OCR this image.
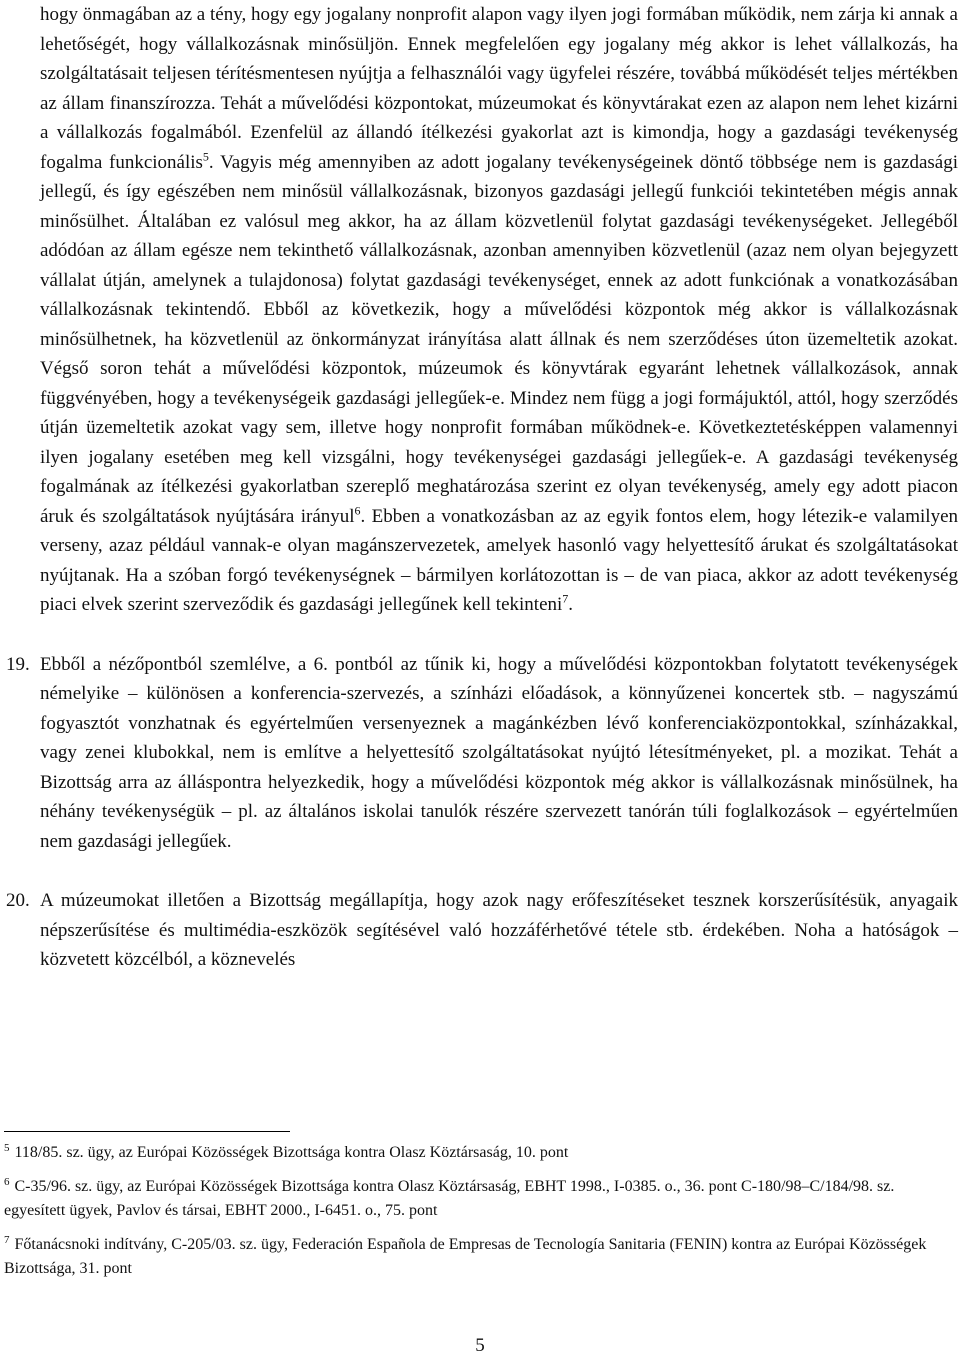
hogy önmagában az a tény, hogy egy jogalany nonprofit alapon vagy ilyen jogi formában működik, nem zárja ki annak a lehetőségét, hogy vállalkozásnak minősüljön. Ennek megfelelően egy jogalany még akkor is lehet vállalkozás, ha szolgáltatásait teljesen térítésmentesen nyújtja a felhasználói vagy ügyfelei részére, továbbá működését teljes mértékben az állam finanszírozza. Tehát a művelődési központokat, múzeumokat és könyvtárakat ezen az alapon nem lehet kizárni a vállalkozás fogalmából. Ezenfelül az állandó ítélkezési gyakorlat azt is kimondja, hogy a gazdasági tevékenység fogalma funkcionális$^5$. Vagyis még amennyiben az adott jogalany tevékenységeinek döntő többsége nem is gazdasági jellegű, és így egészében nem minősül vállalkozásnak, bizonyos gazdasági jellegű funkciói tekintetében mégis annak minősülhet. Általában ez valósul meg akkor, ha az állam közvetlenül folytat gazdasági tevékenységeket. Jellegéből adódóan az állam egésze nem tekinthető vállalkozásnak, azonban amennyiben közvetlenül (azaz nem olyan bejegyzett vállalat útján, amelynek a tulajdonosa) folytat gazdasági tevékenységet, ennek az adott funkciónak a vonatkozásában vállalkozásnak tekintendő. Ebből az következik, hogy a művelődési központok még akkor is vállalkozásnak minősülhetnek, ha közvetlenül az önkormányzat irányítása alatt állnak és nem szerződéses úton üzemeltetik azokat. Végső soron tehát a művelődési központok, múzeumok és könyvtárak egyaránt lehetnek vállalkozások, annak függvényében, hogy a tevékenységeik gazdasági jellegűek-e. Mindez nem függ a jogi formájuktól, attól, hogy szerződés útján üzemeltetik azokat vagy sem, illetve hogy nonprofit formában működnek-e. Következtetésképpen valamennyi ilyen jogalany esetében meg kell vizsgálni, hogy tevékenységei gazdasági jellegűek-e. A gazdasági tevékenység fogalmának az ítélkezési gyakorlatban szereplő meghatározása szerint ez olyan tevékenység, amely egy adott piacon áruk és szolgáltatások nyújtására irányul$^6$. Ebben a vonatkozásban az az egyik fontos elem, hogy létezik-e valamilyen verseny, azaz például vannak-e olyan magánszervezetek, amelyek hasonló vagy helyettesítő árukat és szolgáltatásokat nyújtanak. Ha a szóban forgó tevékenységnek – bármilyen korlátozottan is – de van piaca, akkor az adott tevékenység piaci elvek szerint szerveződik és gazdasági jellegűnek kell tekinteni$^7$.

19. Ebből a nézőpontból szemlélve, a 6. pontból az tűnik ki, hogy a művelődési központokban folytatott tevékenységek némelyike – különösen a konferencia-szervezés, a színházi előadások, a könnyűzenei koncertek stb. – nagyszámú fogyasztót vonzhatnak és egyértelműen versenyeznek a magánkézben lévő konferenciaközpontokkal, színházakkal, vagy zenei klubokkal, nem is említve a helyettesítő szolgáltatásokat nyújtó létesítményeket, pl. a mozikat. Tehát a Bizottság arra az álláspontra helyezkedik, hogy a művelődési központok még akkor is vállalkozásnak minősülnek, ha néhány tevékenységük – pl. az általános iskolai tanulók részére szervezett tanórán túli foglalkozások – egyértelműen nem gazdasági jellegűek.

20. A múzeumokat illetően a Bizottság megállapítja, hogy azok nagy erőfeszítéseket tesznek korszerűsítésük, anyagaik népszerűsítése és multimédia-eszközök segítésével való hozzáférhetővé tétele stb. érdekében. Noha a hatóságok – közvetett közcélból, a köznevelés

$^5$ 118/85. sz. ügy, az Európai Közösségek Bizottsága kontra Olasz Köztársaság, 10. pont

$^6$ C-35/96. sz. ügy, az Európai Közösségek Bizottsága kontra Olasz Köztársaság, EBHT 1998., I-0385. o., 36. pont C-180/98–C/184/98. sz. egyesített ügyek, Pavlov és társai, EBHT 2000., I-6451. o., 75. pont

$^7$ Főtanácsnoki indítvány, C-205/03. sz. ügy, Federación Española de Empresas de Tecnología Sanitaria (FENIN) kontra az Európai Közösségek Bizottsága, 31. pont

5
